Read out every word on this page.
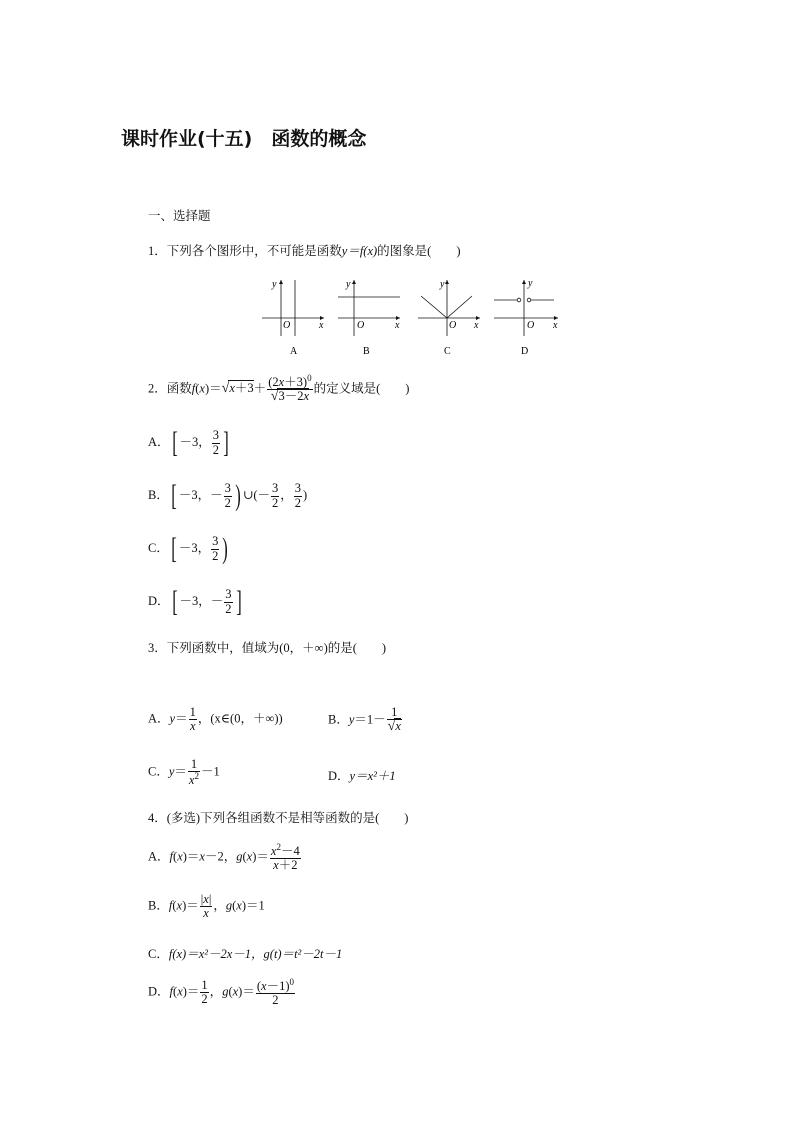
课时作业(十五)　函数的概念
一、选择题
1．下列各个图形中，不可能是函数y＝f(x)的图象是(　　)
y
x
O
y
x
O
y
x
O
y
x
O
A	B	C	D
2．函数$f(x)=√x+3+ \frac{(2x+3)^0}{√3-2x}$ 的定义域是(　　)
A．[ －3， $\frac{3}{2}$ ]
B．[ －3，－ $\frac{3}{2}$ ) ∪(－ $\frac{3}{2}$ ， $\frac{3}{2}$ )
C．[ －3， $\frac{3}{2}$ )
D．[ －3，－ $\frac{3}{2}$ ]
3．下列函数中，值域为(0，＋∞)的是(　　)
A．$y= \frac{1}{x}$ ，(x∈(0，＋∞))	B．$y=1- \frac{1}{√x}$
C．$y= \frac{1}{x^2} -1$	D．y＝x²＋1
4．(多选)下列各组函数不是相等函数的是(　　)
A．f(x)＝x－2，$g(x)= \frac{x^2-4}{x+2}$
B．$f(x)= \frac{|x|}{x}$ ，g(x)＝1
C．f(x)＝x²－2x－1，g(t)＝t²－2t－1
D．$f(x)= \frac{1}{2}$ ，$g(x)= \frac{(x-1)^0}{2}$
